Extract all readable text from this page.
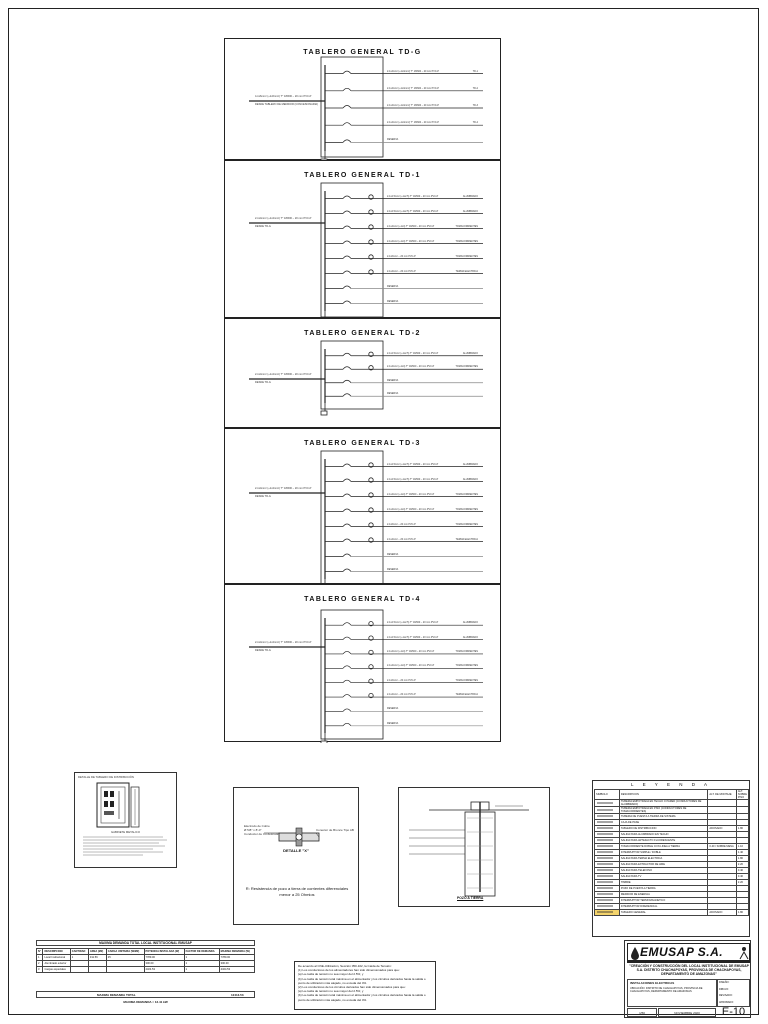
TABLERO GENERAL TD-G
4-1x6mm² (+1x6mm²) T° 18/600 – 20 mm PVC-P
DESDE TABLERO DE MEDIDOR (CONCESIONARIA)
2-1x4mm² (+1x4mm²) T° 18/600 – 20 mm PVC-P	TD-1
2-1x4mm² (+1x4mm²) T° 18/600 – 20 mm PVC-P	TD-2
2-1x4mm² (+1x4mm²) T° 18/600 – 20 mm PVC-P	TD-3
2-1x4mm² (+1x4mm²) T° 18/600 – 20 mm PVC-P	TD-4
RESERVA
TABLERO GENERAL TD-1
2-1x4mm² (+1x4mm²) T° 18/600 – 20 mm PVC-P
DESDE TD-G
2-1x2.5mm² (+1x2.5) T° 18/600 – 20 mm PVC-P	ALUMBRADO
2-1x2.5mm² (+1x2.5) T° 18/600 – 20 mm PVC-P	ALUMBRADO
2-1x4mm² (+1x4) T° 18/600 – 20 mm PVC-P	TOMACORRIENTES
2-1x4mm² (+1x4) T° 18/600 – 20 mm PVC-P	TOMACORRIENTES
2-1x6mm² – 20 mm PVC-P	TOMACORRIENTES
2-1x4mm² – 20 mm PVC-P	TERMA ELECTRICA
RESERVA
RESERVA
TABLERO GENERAL TD-2
2-1x4mm² (+1x4mm²) T° 18/600 – 20 mm PVC-P
DESDE TD-G
2-1x2.5mm² (+1x2.5) T° 18/600 – 20 mm PVC-P	ALUMBRADO
2-1x4mm² (+1x4) T° 18/600 – 20 mm PVC-P	TOMACORRIENTES
RESERVA
RESERVA
TABLERO GENERAL TD-3
2-1x4mm² (+1x4mm²) T° 18/600 – 20 mm PVC-P
DESDE TD-G
2-1x2.5mm² (+1x2.5) T° 18/600 – 20 mm PVC-P	ALUMBRADO
2-1x2.5mm² (+1x2.5) T° 18/600 – 20 mm PVC-P	ALUMBRADO
2-1x4mm² (+1x4) T° 18/600 – 20 mm PVC-P	TOMACORRIENTES
2-1x4mm² (+1x4) T° 18/600 – 20 mm PVC-P	TOMACORRIENTES
2-1x6mm² – 20 mm PVC-P	TOMACORRIENTES
2-1x4mm² – 20 mm PVC-P	TERMA ELECTRICA
RESERVA
RESERVA
TABLERO GENERAL TD-4
2-1x4mm² (+1x4mm²) T° 18/600 – 20 mm PVC-P
DESDE TD-G
2-1x2.5mm² (+1x2.5) T° 18/600 – 20 mm PVC-P	ALUMBRADO
2-1x2.5mm² (+1x2.5) T° 18/600 – 20 mm PVC-P	ALUMBRADO
2-1x4mm² (+1x4) T° 18/600 – 20 mm PVC-P	TOMACORRIENTES
2-1x4mm² (+1x4) T° 18/600 – 20 mm PVC-P	TOMACORRIENTES
2-1x6mm² – 20 mm PVC-P	TOMACORRIENTES
2-1x4mm² – 20 mm PVC-P	TERMA ELECTRICA
RESERVA
RESERVA
DETALLE DE TABLERO DE DISTRIBUCIÓN
GABINETE METALICO
Electrodo de Cobre
Ø 5/8" x 8'-0"
Conductor de Cu desnudo
Conector de Bronce Tipo AB
DETALLE "X"
R: Resistencia de pozo a tierra de corrientes diferenciales menor a 25 Ohmios
POZO A TIERRA
L E Y E N D A
SIMBOLO	DESCRIPCION	ALT. DE MONTAJE	ALT. SOBRE PISO
	TUBERIA EMPOTRADA EN TECHO O PARED (CONDUCTORES DE ALUMBRADO)		
	TUBERIA EMPOTRADA EN PISO (CONDUCTORES DE TOMACORRIENTES)		
	TUBERIA DE PUESTA A TIERRA DE SISTEMA		
	CAJA DE PASE		
	TABLERO DE DISTRIBUCION	ADOSADO	1.80
	SALIDA PARA ALUMBRADO EN TECHO		
	SALIDA PARA ARTEFACTO FLUORESCENTE		
	TOMACORRIENTE DOBLE CON LINEA A TIERRA	0.40 / SOBRE MESA	1.10
	INTERRUPTOR SIMPLE / DOBLE		1.40
	SALIDA PARA TERMA ELECTRICA		1.80
	SALIDA PARA EXTRACTOR DE AIRE		2.20
	SALIDA PARA TELEFONO		0.40
	SALIDA PARA TV		0.40
	TIMBRE		2.20
	POZO DE PUESTA A TIERRA		
	MEDIDOR DE ENERGIA		
	INTERRUPTOR TERMOMAGNETICO		
	INTERRUPTOR DIFERENCIAL		
	TABLERO GENERAL	ADOSADO	1.80
MAXIMA DEMANDA TOTAL LOCAL INSTITUCIONAL EMUSAP
N°	DESCRIPCION	CANTIDAD	AREA (M2)	CARGA UNITARIA (W/M2)	POTENCIA INSTALADA (W)	FACTOR DE DEMANDA	MAXIMA DEMANDA (W)
1	Local Institucional	1	311.56	25	7789.00	1	7789.00
2	Alumbrado exterior				300.00	1	300.00
3	Cargas especiales				4324.53	1	4324.53
MAXIMA DEMANDA TOTAL	12413.53
MAXIMA DEMANDA = 12.41 kW
De acuerdo al CNE-Utilización, Sección 050-102, la Caída de Tensión:
(1) Los conductores de los alimentadores han sido dimensionados para que:
(a) La caída de tensión no sea mayor del 2.5%; y
(b) La caída de tensión total máxima en el alimentador y los circuitos derivados hasta la salida o punto de utilización más alejado, no exceda del 4%.
(2) Los conductores de los circuitos derivados han sido dimensionados para que:
(a) La caída de tensión no sea mayor del 2.5%; y
(b) La caída de tensión total máxima en el alimentador y los circuitos derivados hasta la salida o punto de utilización más alejado, no exceda del 4%.
EMUSAP S.A.
"CREACIÓN Y CONSTRUCCIÓN DEL LOCAL INSTITUCIONAL DE EMUSAP S.A. DISTRITO CHACHAPOYAS, PROVINCIA DE CHACHAPOYAS, DEPARTAMENTO DE AMAZONAS"
INSTALACIONES ELECTRICAS
UBICACIÓN: DISTRITO DE CHACHAPOYAS, PROVINCIA DE CHACHAPOYAS, DEPARTAMENTO DE AMAZONAS
DISEÑO:
DIBUJO:
REVISADO:
APROBADO:
1/50	NOVIEMBRE 2020	E-10
